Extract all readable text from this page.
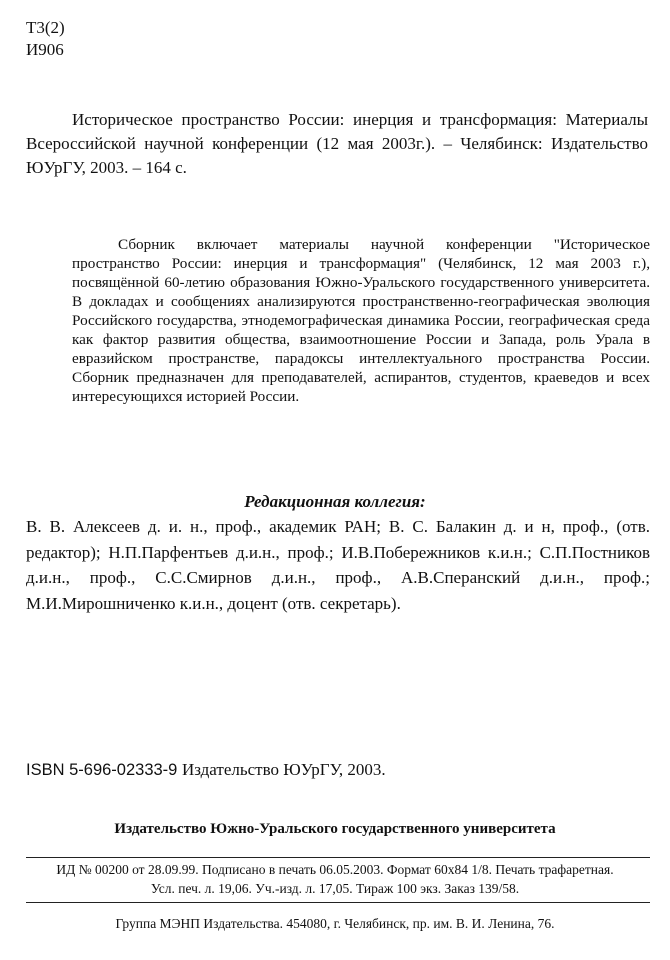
Т3(2)
И906
Историческое пространство России: инерция и трансформация: Материалы Всероссийской научной конференции (12 мая 2003г.). – Челябинск: Издательство ЮУрГУ, 2003. – 164 с.
Сборник включает материалы научной конференции "Историческое пространство России: инерция и трансформация" (Челябинск, 12 мая 2003 г.), посвящённой 60-летию образования Южно-Уральского государственного университета. В докладах и сообщениях анализируются пространственно-географическая эволюция Российского государства, этнодемографическая динамика России, географическая среда как фактор развития общества, взаимоотношение России и Запада, роль Урала в евразийском пространстве, парадоксы интеллектуального пространства России. Сборник предназначен для преподавателей, аспирантов, студентов, краеведов и всех интересующихся историей России.
Редакционная коллегия:
В. В. Алексеев д. и. н., проф., академик РАН; В. С. Балакин д. и н, проф., (отв. редактор); Н.П.Парфентьев д.и.н., проф.; И.В.Побережников к.и.н.; С.П.Постников д.и.н., проф., С.С.Смирнов д.и.н., проф., А.В.Сперанский д.и.н., проф.; М.И.Мирошниченко к.и.н., доцент (отв. секретарь).
ISBN 5-696-02333-9 Издательство ЮУрГУ, 2003.
Издательство Южно-Уральского государственного университета
ИД № 00200 от 28.09.99. Подписано в печать 06.05.2003. Формат 60х84 1/8. Печать трафаретная.
Усл. печ. л. 19,06. Уч.-изд. л. 17,05. Тираж 100 экз. Заказ 139/58.
Группа МЭНП Издательства. 454080, г. Челябинск, пр. им. В. И. Ленина, 76.
